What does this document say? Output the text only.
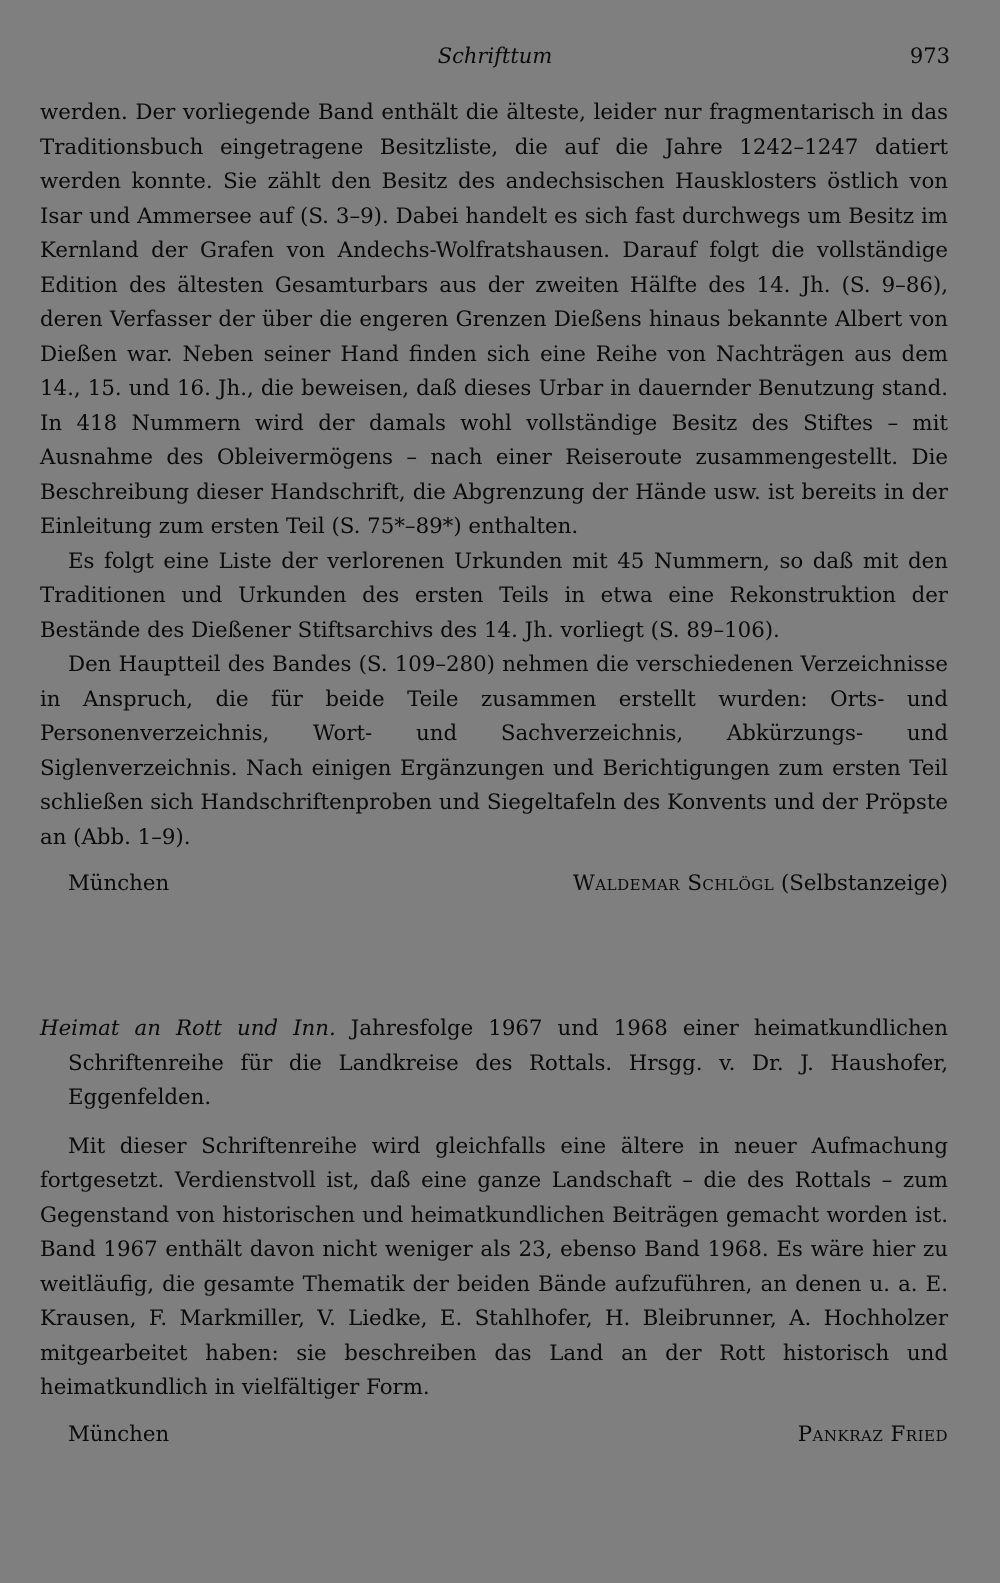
Schrifttum	973

werden. Der vorliegende Band enthält die älteste, leider nur fragmentarisch in das Traditionsbuch eingetragene Besitzliste, die auf die Jahre 1242–1247 datiert werden konnte. Sie zählt den Besitz des andechsischen Hausklosters östlich von Isar und Ammersee auf (S. 3–9). Dabei handelt es sich fast durchwegs um Besitz im Kernland der Grafen von Andechs-Wolfratshausen. Darauf folgt die vollständige Edition des ältesten Gesamturbars aus der zweiten Hälfte des 14. Jh. (S. 9–86), deren Verfasser der über die engeren Grenzen Dießens hinaus bekannte Albert von Dießen war. Neben seiner Hand finden sich eine Reihe von Nachträgen aus dem 14., 15. und 16. Jh., die beweisen, daß dieses Urbar in dauernder Benutzung stand. In 418 Nummern wird der damals wohl vollständige Besitz des Stiftes – mit Ausnahme des Obleivermögens – nach einer Reiseroute zusammengestellt. Die Beschreibung dieser Handschrift, die Abgrenzung der Hände usw. ist bereits in der Einleitung zum ersten Teil (S. 75*–89*) enthalten.

Es folgt eine Liste der verlorenen Urkunden mit 45 Nummern, so daß mit den Traditionen und Urkunden des ersten Teils in etwa eine Rekonstruktion der Bestände des Dießener Stiftsarchivs des 14. Jh. vorliegt (S. 89–106).

Den Hauptteil des Bandes (S. 109–280) nehmen die verschiedenen Verzeichnisse in Anspruch, die für beide Teile zusammen erstellt wurden: Orts- und Personenverzeichnis, Wort- und Sachverzeichnis, Abkürzungs- und Siglenverzeichnis. Nach einigen Ergänzungen und Berichtigungen zum ersten Teil schließen sich Handschriftenproben und Siegeltafeln des Konvents und der Pröpste an (Abb. 1–9).

München	Waldemar Schlögl (Selbstanzeige)

Heimat an Rott und Inn. Jahresfolge 1967 und 1968 einer heimatkundlichen Schriftenreihe für die Landkreise des Rottals. Hrsgg. v. Dr. J. Haushofer, Eggenfelden.

Mit dieser Schriftenreihe wird gleichfalls eine ältere in neuer Aufmachung fortgesetzt. Verdienstvoll ist, daß eine ganze Landschaft – die des Rottals – zum Gegenstand von historischen und heimatkundlichen Beiträgen gemacht worden ist. Band 1967 enthält davon nicht weniger als 23, ebenso Band 1968. Es wäre hier zu weitläufig, die gesamte Thematik der beiden Bände aufzuführen, an denen u. a. E. Krausen, F. Markmiller, V. Liedke, E. Stahlhofer, H. Bleibrunner, A. Hochholzer mitgearbeitet haben: sie beschreiben das Land an der Rott historisch und heimatkundlich in vielfältiger Form.

München	Pankraz Fried
